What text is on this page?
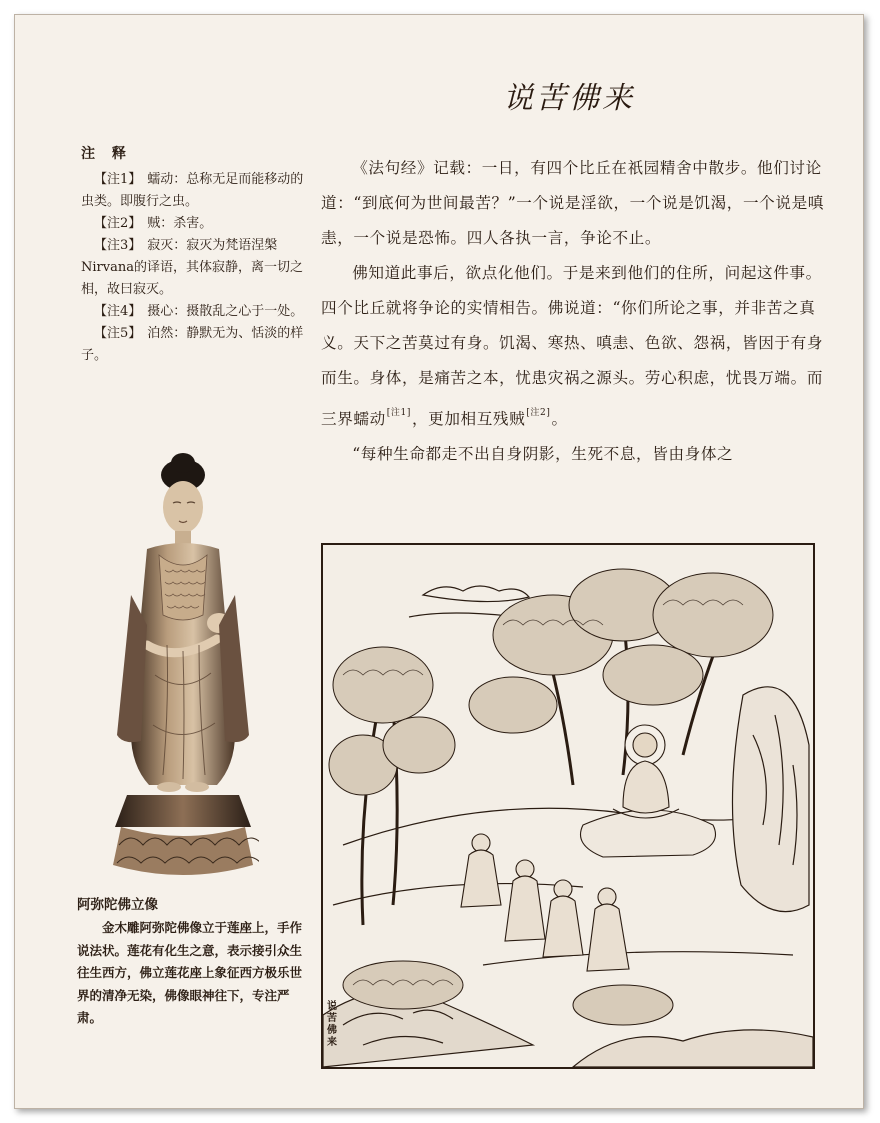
说苦佛来
注 释
【注1】 蠕动：总称无足而能移动的虫类。即腹行之虫。
【注2】 贼：杀害。
【注3】 寂灭：寂灭为梵语涅槃Nirvana的译语，其体寂静，离一切之相，故曰寂灭。
【注4】 摄心：摄散乱之心于一处。
【注5】 泊然：静默无为、恬淡的样子。
阿弥陀佛立像
金木雕阿弥陀佛像立于莲座上，手作说法状。莲花有化生之意，表示接引众生往生西方，佛立莲花座上象征西方极乐世界的清净无染，佛像眼神往下，专注严肃。

《法句经》记载：一日，有四个比丘在祇园精舍中散步。他们讨论道：“到底何为世间最苦？”一个说是淫欲，一个说是饥渴，一个说是嗔恚，一个说是恐怖。四人各执一言，争论不止。

佛知道此事后，欲点化他们。于是来到他们的住所，问起这件事。四个比丘就将争论的实情相告。佛说道：“你们所论之事，并非苦之真义。天下之苦莫过有身。饥渴、寒热、嗔恚、色欲、怨祸，皆因于有身而生。身体，是痛苦之本，忧患灾祸之源头。劳心积虑，忧畏万端。而三界蠕动[注1]，更加相互残贼[注2]。

“每种生命都走不出自身阴影，生死不息，皆由身体之

说苦佛来
